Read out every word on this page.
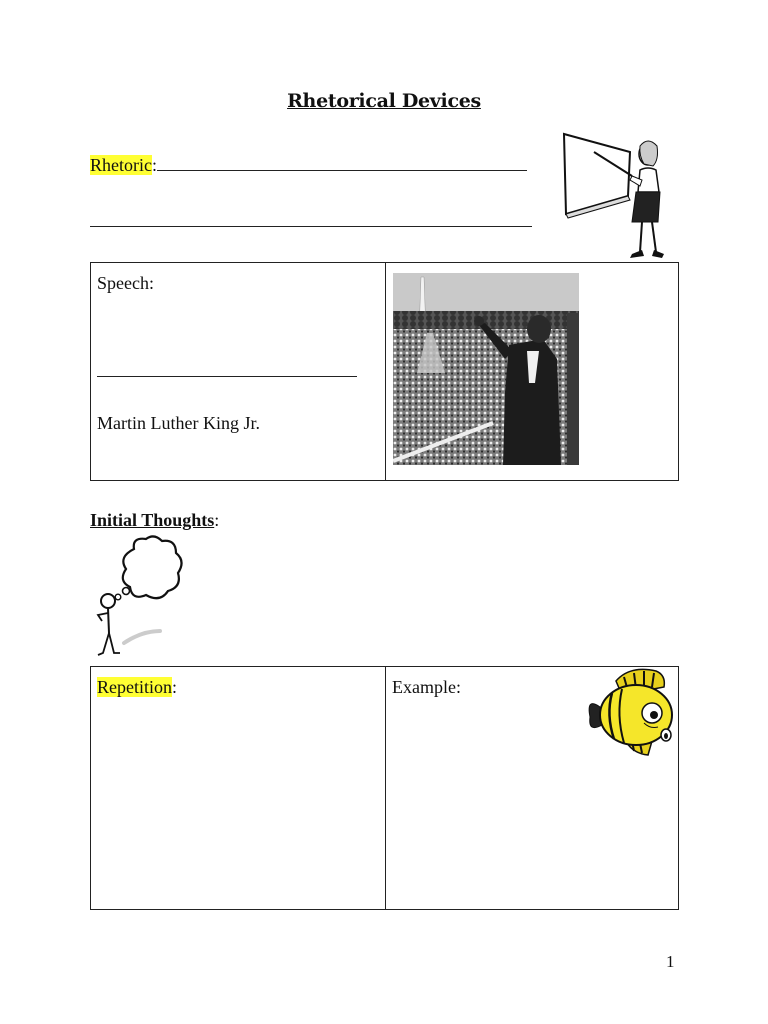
Rhetorical Devices
Rhetoric:
Speech:
Martin Luther King Jr.

Initial Thoughts:
Repetition:	Example:
1
